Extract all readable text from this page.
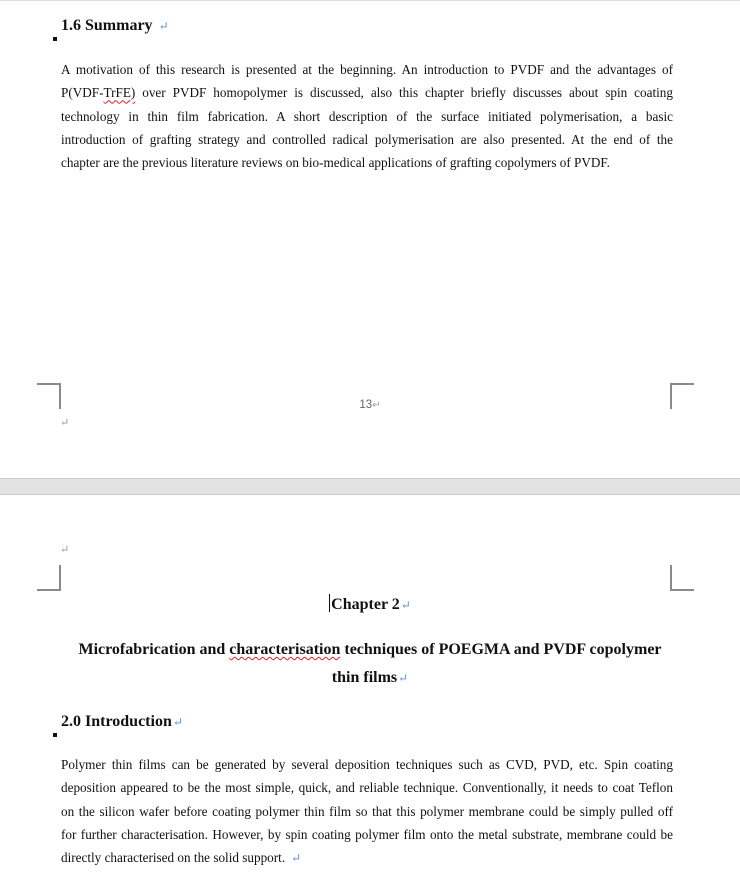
1.6 Summary ↵
A motivation of this research is presented at the beginning. An introduction to PVDF and the advantages of
P(VDF-TrFE) over PVDF homopolymer is discussed, also this chapter briefly discusses about spin coating
technology in thin film fabrication. A short description of the surface initiated polymerisation, a basic
introduction of grafting strategy and controlled radical polymerisation are also presented. At the end of the
chapter are the previous literature reviews on bio-medical applications of grafting copolymers of PVDF.
13↵
↵
↵
Chapter 2↵
Microfabrication and characterisation techniques of POEGMA and PVDF copolymer
thin films↵
2.0 Introduction↵
Polymer thin films can be generated by several deposition techniques such as CVD, PVD, etc. Spin coating
deposition appeared to be the most simple, quick, and reliable technique. Conventionally, it needs to coat Teflon
on the silicon wafer before coating polymer thin film so that this polymer membrane could be simply pulled off
for further characterisation. However, by spin coating polymer film onto the metal substrate, membrane could be
directly characterised on the solid support. ↵
